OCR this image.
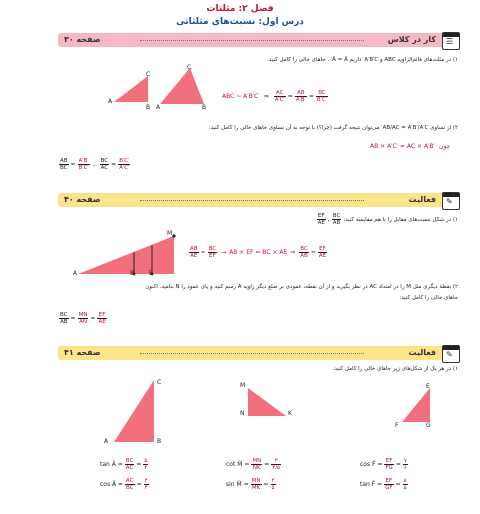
فصل ۲: مثلثات
درس اول: نسبت‌های مثلثاتی
کار در کلاس
صفحه ۳۰	☰
۱) در مثلث‌های قائم‌الزاویه ABC و A′B′C′ داریم Â = Â′ . جاهای خالی را کامل کنید.
C
A
B
C
A	B
ABC ~ A′B′C′ ⇒ $\frac{AC}{A'C'} = \frac{AB}{A'B'} = \frac{BC}{B'C'}$
۲) از تساوی AB/AC = A′B′/A′C′ می‌توان نتیجه گرفت (چرا؟) با توجه به آن تساوی جاهای خالی را کامل کنید:
AB × A′C′ = AC × A′B′ چون
$\frac{AB}{BC} = \frac{A'B'}{B'C'}$ , $\frac{BC}{AC} = \frac{B'C'}{A'C'}$
فعالیت
صفحه ۴۰	✎
۱) در شکل نسبت‌های مقابل را با هم مقایسه کنید:
$\frac{BC}{AB}$
,
$\frac{EF}{AE}$
A	B E
M
$\frac{AB}{AE} = \frac{BC}{EF}$ → AB × EF = BC × AE ⇒ $\frac{BC}{AB} = \frac{EF}{AE}$
۲) نقطهٔ دیگری مثل M را در امتداد AC در نظر بگیرید و از آن نقطه، عمودی بر ضلع دیگر زاویه A رسم کنید و پای عمود را N بنامید. اکنون
جاهای خالی را کامل کنید:
$\frac{BC}{AB} = \frac{MN}{AN} = \frac{EF}{AE}$
فعالیت
صفحه ۴۱	✎
۱) در هر یک از شکل‌های زیر جاهای خالی را کامل کنید.
A
C
B
M
N	K
E
F	G
tan Â = $\frac{BC}{AC} = \frac{۵}{۴}$
cos Â = $\frac{AC}{BC} = \frac{۴}{۳}$
cot M̂ = $\frac{MN}{NK} = \frac{۳}{۴/۵}$
sin M̂ = $\frac{MN}{MK} = \frac{۴}{۵}$
cos F̂ = $\frac{EF}{FG} = \frac{۷}{۶}$
tan F̂ = $\frac{EF}{GF} = \frac{۸}{۵}$
